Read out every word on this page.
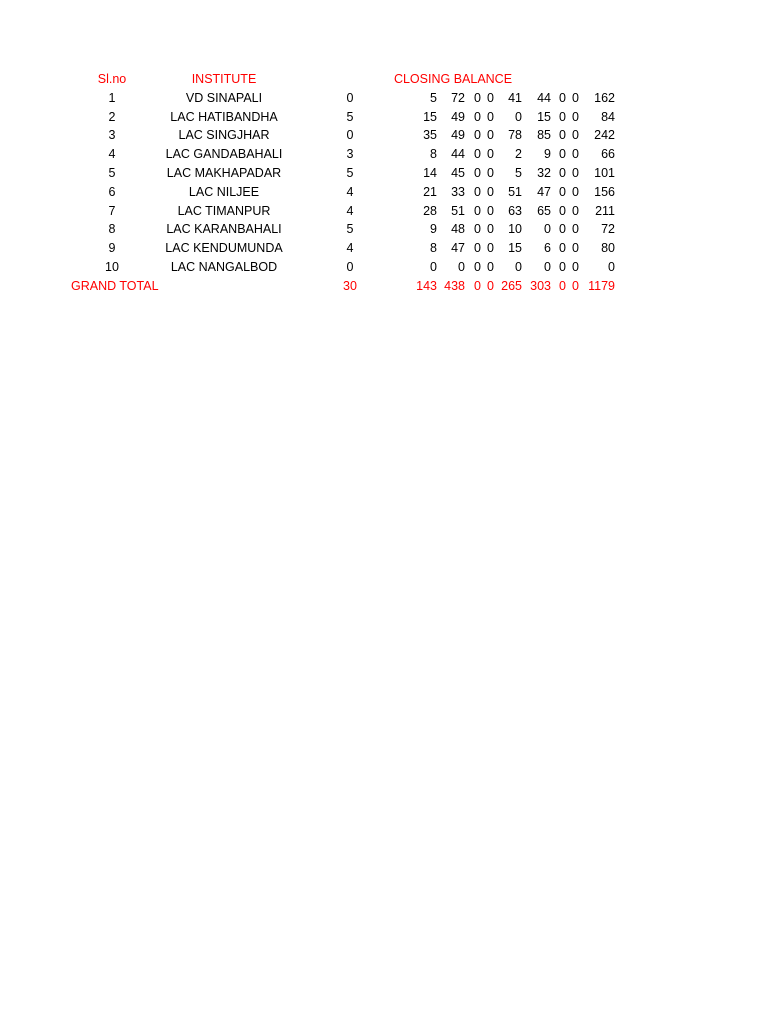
Sl.no	INSTITUTE	CLOSING BALANCE
1	VD SINAPALI	0	5 72 0 0 41 44 0 0 162
2	LAC HATIBANDHA	5	15 49 0 0 0 15 0 0 84
3	LAC SINGJHAR	0	35 49 0 0 78 85 0 0 242
4	LAC GANDABAHALI	3	8 44 0 0 2 9 0 0 66
5	LAC MAKHAPADAR	5	14 45 0 0 5 32 0 0 101
6	LAC NILJEE	4	21 33 0 0 51 47 0 0 156
7	LAC TIMANPUR	4	28 51 0 0 63 65 0 0 211
8	LAC KARANBAHALI	5	9 48 0 0 10 0 0 0 72
9	LAC KENDUMUNDA	4	8 47 0 0 15 6 0 0 80
10	LAC NANGALBOD	0	0 0 0 0 0 0 0 0 0
GRAND TOTAL	30	143 438 0 0 265 303 0 0 1179
